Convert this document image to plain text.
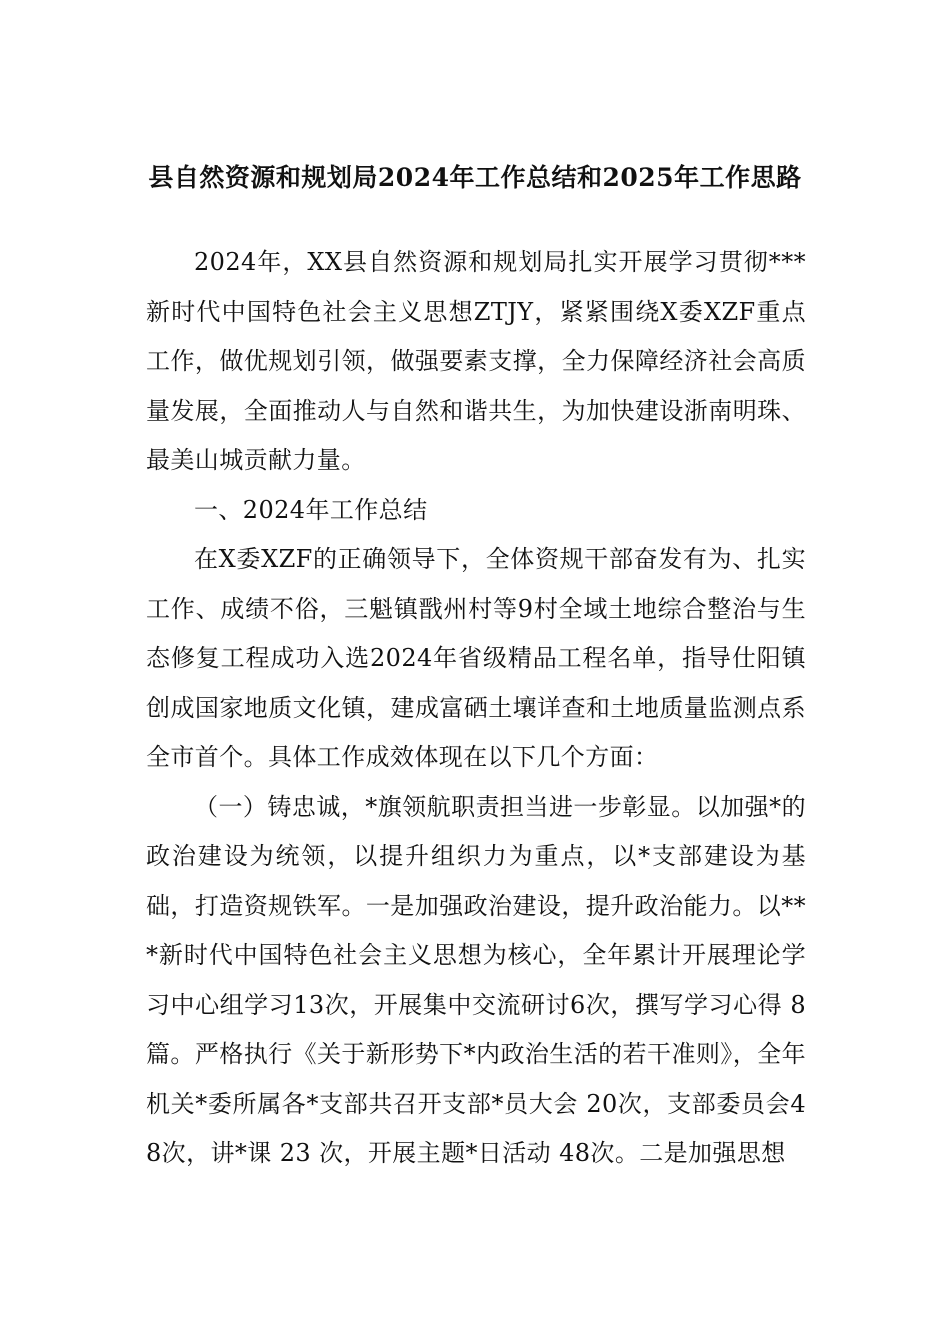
县自然资源和规划局2024年工作总结和2025年工作思路

2024年，XX县自然资源和规划局扎实开展学习贯彻***新时代中国特色社会主义思想ZTJY，紧紧围绕X委XZF重点工作，做优规划引领，做强要素支撑，全力保障经济社会高质量发展，全面推动人与自然和谐共生，为加快建设浙南明珠、最美山城贡献力量。

一、2024年工作总结

在X委XZF的正确领导下，全体资规干部奋发有为、扎实工作、成绩不俗，三魁镇戬州村等9村全域土地综合整治与生态修复工程成功入选2024年省级精品工程名单，指导仕阳镇创成国家地质文化镇，建成富硒土壤详查和土地质量监测点系全市首个。具体工作成效体现在以下几个方面：

（一）铸忠诚，*旗领航职责担当进一步彰显。以加强*的政治建设为统领，以提升组织力为重点，以*支部建设为基础，打造资规铁军。一是加强政治建设，提升政治能力。以***新时代中国特色社会主义思想为核心，全年累计开展理论学习中心组学习13次，开展集中交流研讨6次，撰写学习心得 8篇。严格执行《关于新形势下*内政治生活的若干准则》，全年机关*委所属各*支部共召开支部*员大会 20次，支部委员会48次，讲*课 23 次，开展主题*日活动 48次。二是加强思想
